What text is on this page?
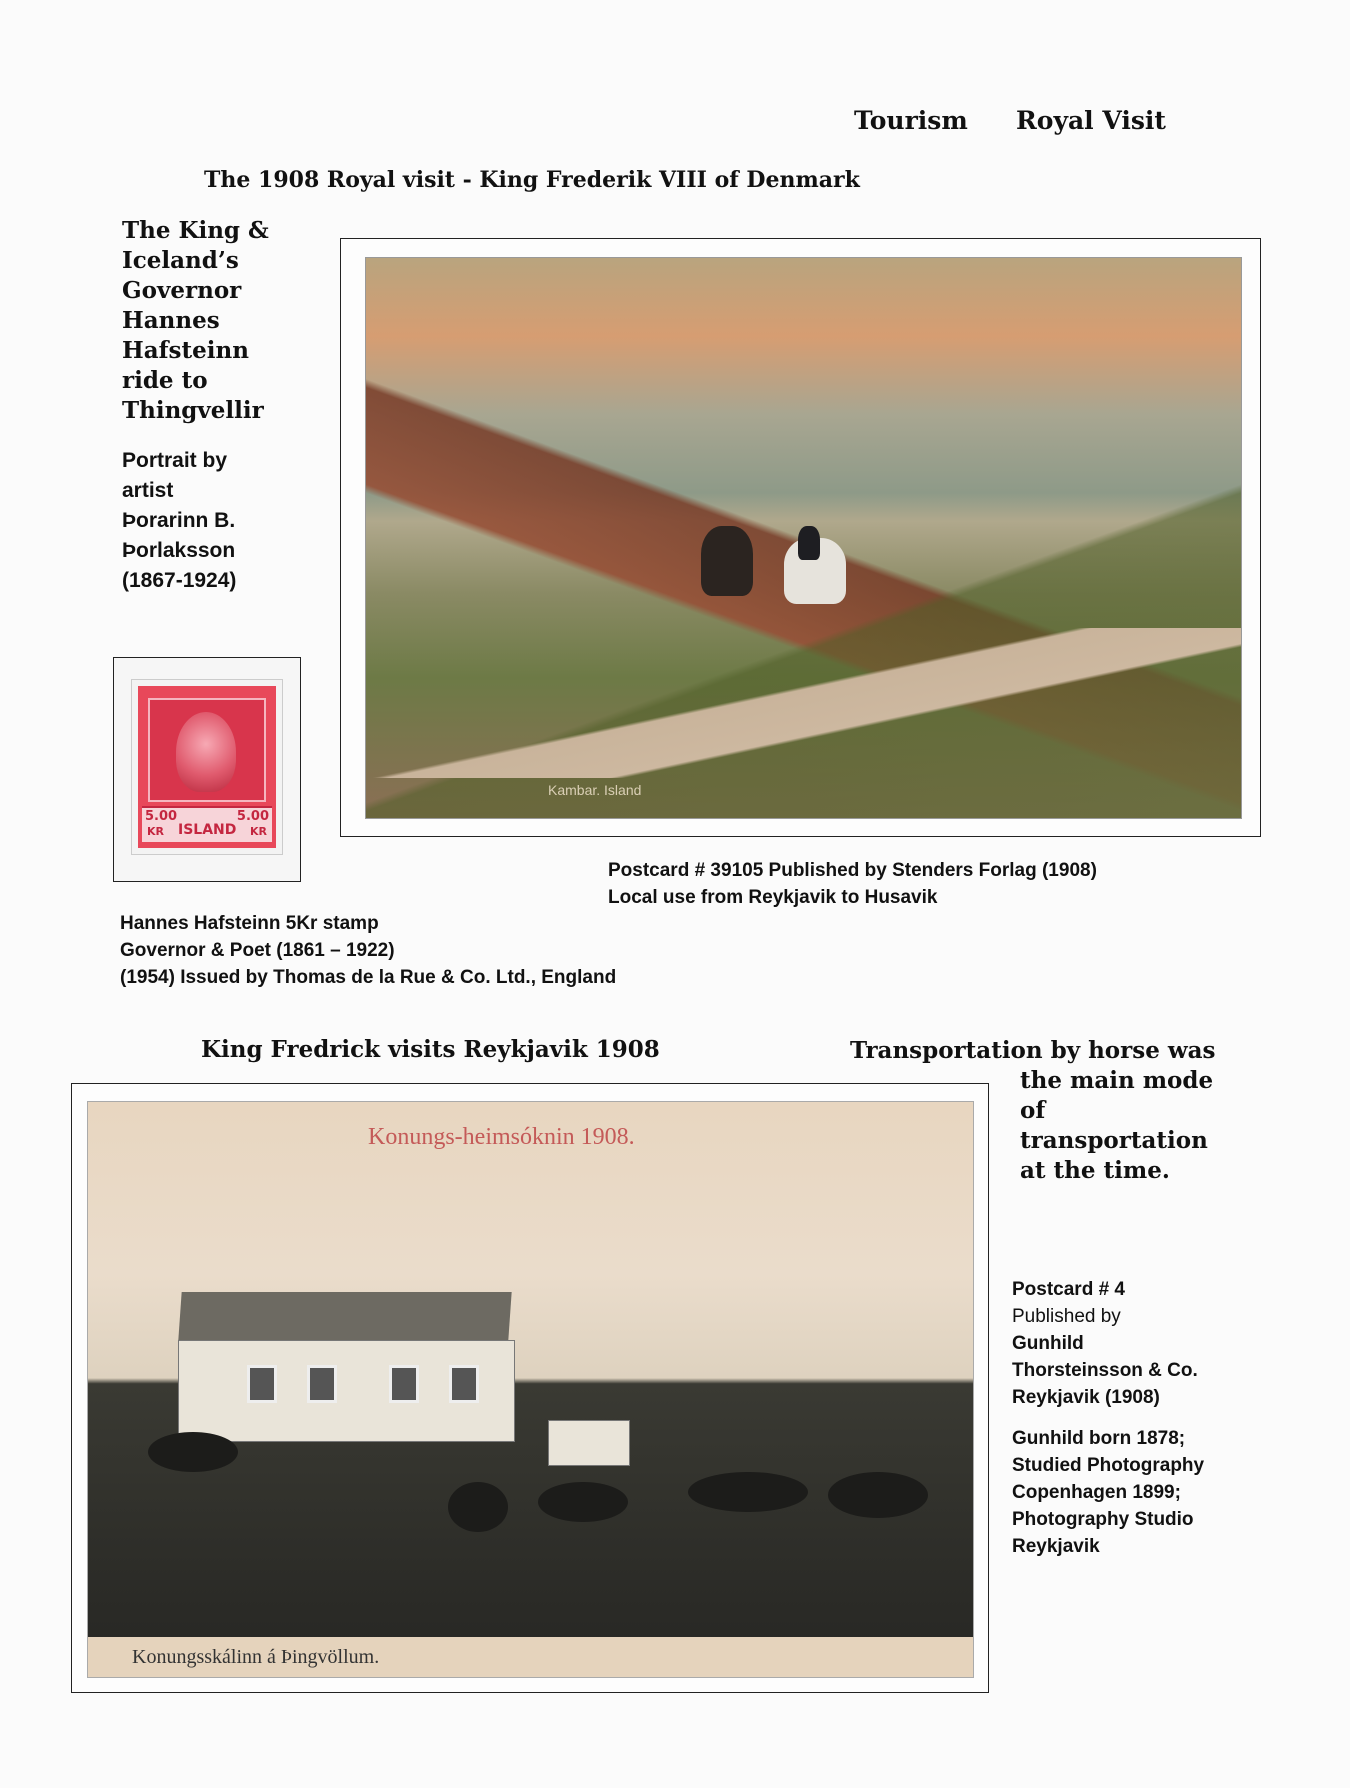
Tourism Royal Visit
The 1908 Royal visit - King Frederik VIII of Denmark
The King &
Iceland’s
Governor
Hannes
Hafsteinn
ride to
Thingvellir
Portrait by
artist
Þorarinn B.
Þorlaksson
(1867-1924)
5.00
KR ISLAND
5.00
KR
Kambar. Island
Postcard # 39105 Published by Stenders Forlag (1908)
Local use from Reykjavik to Husavik
Hannes Hafsteinn 5Kr stamp
Governor & Poet (1861 – 1922)
(1954) Issued by Thomas de la Rue & Co. Ltd., England
King Fredrick visits Reykjavik 1908	Transportation by horse was
the main mode
of
transportation
at the time.
Konungs-heimsóknin 1908.
Konungsskálinn á Þingvöllum.
Postcard # 4
Published by
Gunhild
Thorsteinsson & Co.
Reykjavik (1908)
Gunhild born 1878;
Studied Photography
Copenhagen 1899;
Photography Studio
Reykjavik
